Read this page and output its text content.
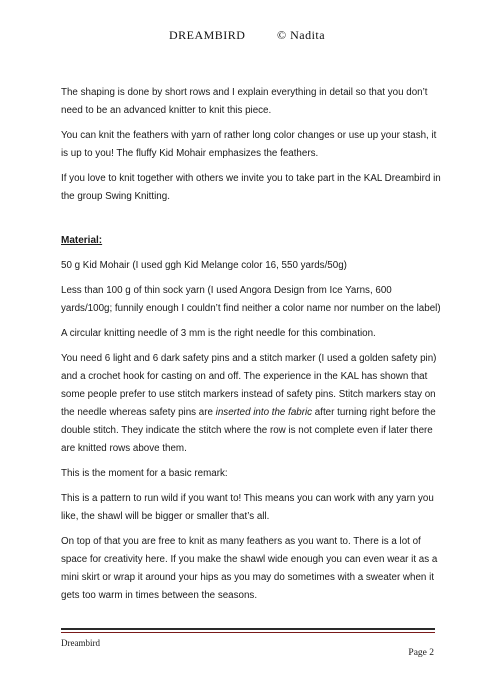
DREAMBIRD	© Nadita

The shaping is done by short rows and I explain everything in detail so that you don’t need to be an advanced knitter to knit this piece.

You can knit the feathers with yarn of rather long color changes or use up your stash, it is up to you! The fluffy Kid Mohair emphasizes the feathers.

If you love to knit together with others we invite you to take part in the KAL Dreambird in the group Swing Knitting.

Material:

50 g Kid Mohair (I used ggh Kid Melange color 16, 550 yards/50g)

Less than 100 g of thin sock yarn (I used Angora Design from Ice Yarns, 600 yards/100g; funnily enough I couldn’t find neither a color name nor number on the label)

A circular knitting needle of 3 mm is the right needle for this combination.

You need 6 light and 6 dark safety pins and a stitch marker (I used a golden safety pin) and a crochet hook for casting on and off. The experience in the KAL has shown that some people prefer to use stitch markers instead of safety pins. Stitch markers stay on the needle whereas safety pins are inserted into the fabric after turning right before the double stitch. They indicate the stitch where the row is not complete even if later there are knitted rows above them.

This is the moment for a basic remark:

This is a pattern to run wild if you want to! This means you can work with any yarn you like, the shawl will be bigger or smaller that’s all.

On top of that you are free to knit as many feathers as you want to. There is a lot of space for creativity here. If you make the shawl wide enough you can even wear it as a mini skirt or wrap it around your hips as you may do sometimes with a sweater when it gets too warm in times between the seasons.

Dreambird
Page 2
